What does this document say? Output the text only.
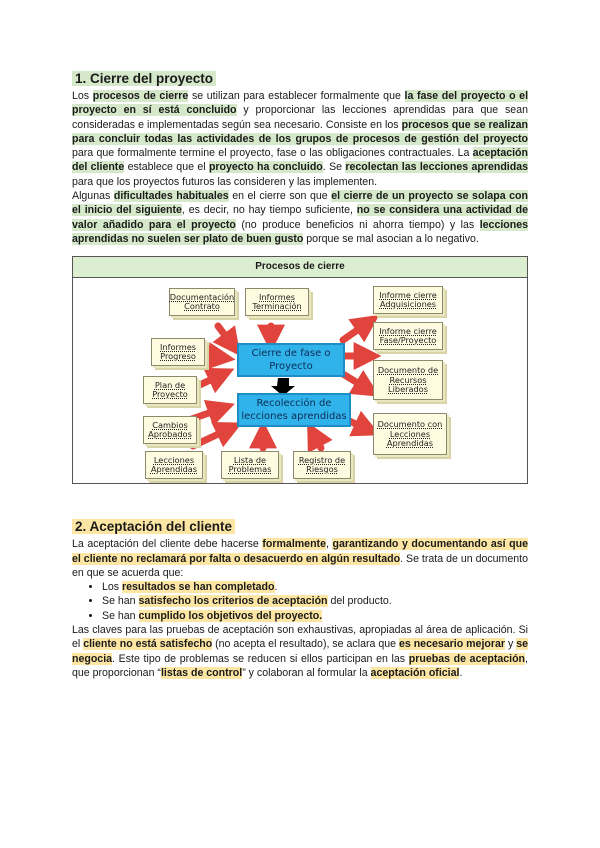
1. Cierre del proyecto

Los procesos de cierre se utilizan para establecer formalmente que la fase del proyecto o el proyecto en sí está concluido y proporcionar las lecciones aprendidas para que sean consideradas e implementadas según sea necesario. Consiste en los procesos que se realizan para concluir todas las actividades de los grupos de procesos de gestión del proyecto para que formalmente termine el proyecto, fase o las obligaciones contractuales. La aceptación del cliente establece que el proyecto ha concluido. Se recolectan las lecciones aprendidas para que los proyectos futuros las consideren y las implementen.

Algunas dificultades habituales en el cierre son que el cierre de un proyecto se solapa con el inicio del siguiente, es decir, no hay tiempo suficiente, no se considera una actividad de valor añadido para el proyecto (no produce beneficios ni ahorra tiempo) y las lecciones aprendidas no suelen ser plato de buen gusto porque se mal asocian a lo negativo.

Procesos de cierre
Documentación Contrato
Informes Terminación
Informes Progreso
Plan de Proyecto
Cambios Aprobados
Lecciones Aprendidas
Lista de Problemas
Registro de Riesgos
Cierre de fase o Proyecto
Recolección de lecciones aprendidas
Informe cierre Adquisiciones
Informe cierre Fase/Proyecto
Documento de Recursos Liberados
Documento con Lecciones Aprendidas
2. Aceptación del cliente

La aceptación del cliente debe hacerse formalmente, garantizando y documentando así que el cliente no reclamará por falta o desacuerdo en algún resultado. Se trata de un documento en que se acuerda que:

• Los resultados se han completado.
• Se han satisfecho los criterios de aceptación del producto.
• Se han cumplido los objetivos del proyecto.

Las claves para las pruebas de aceptación son exhaustivas, apropiadas al área de aplicación. Si el cliente no está satisfecho (no acepta el resultado), se aclara que es necesario mejorar y se negocia. Este tipo de problemas se reducen si ellos participan en las pruebas de aceptación, que proporcionan “listas de control” y colaboran al formular la aceptación oficial.
